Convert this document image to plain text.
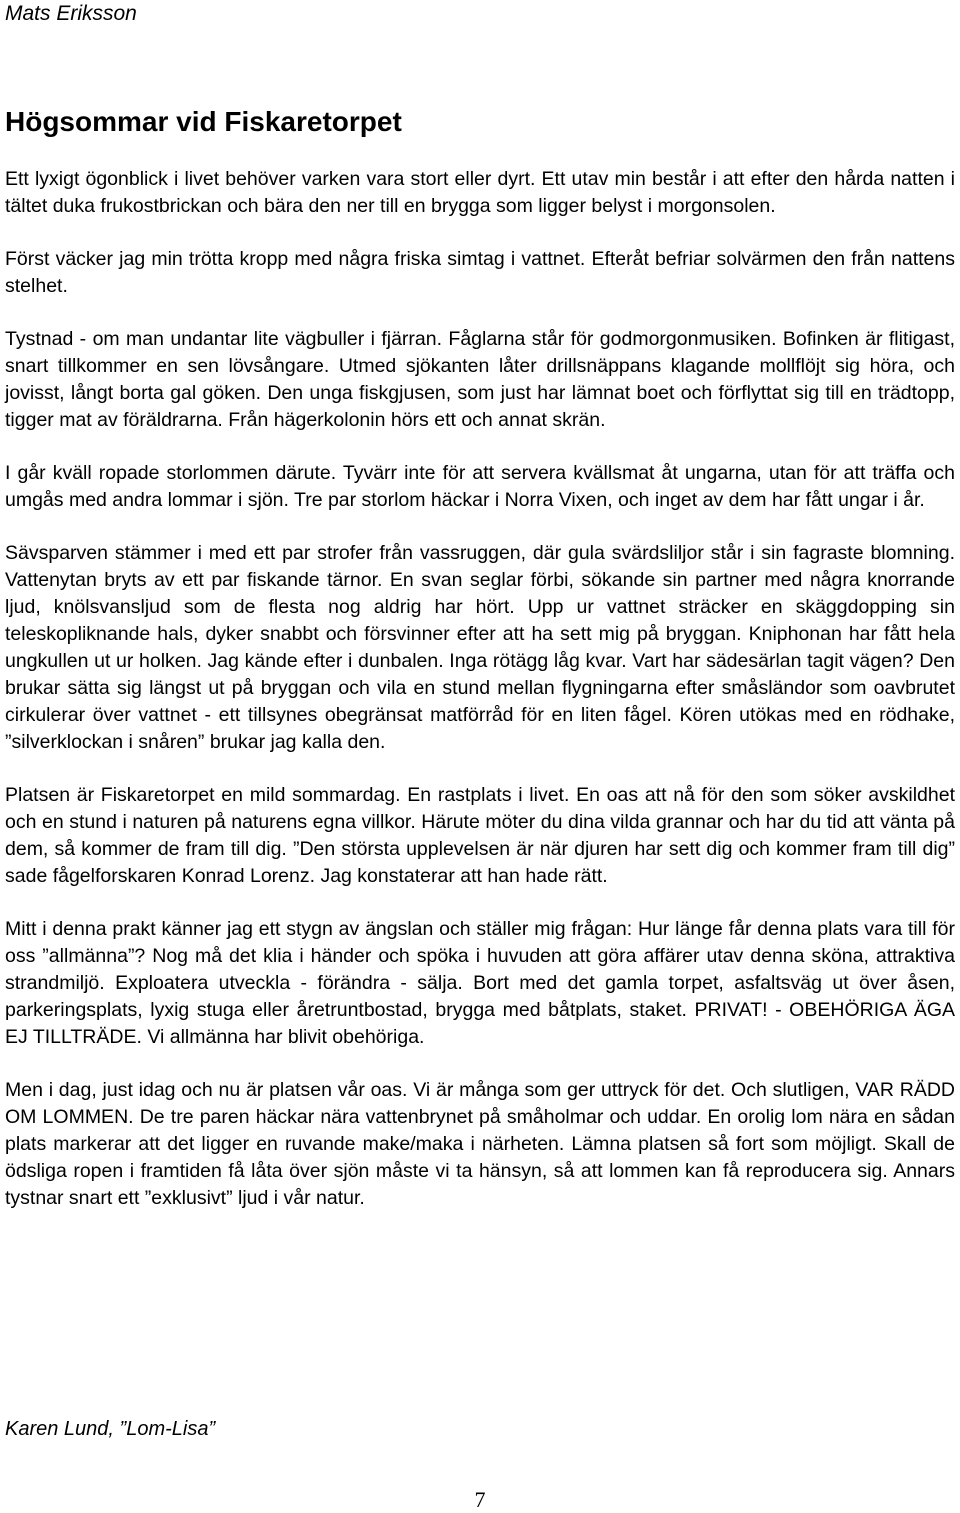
Mats Eriksson

Högsommar vid Fiskaretorpet

Ett lyxigt ögonblick i livet behöver varken vara stort eller dyrt. Ett utav min består i att efter den hårda natten i tältet duka frukostbrickan och bära den ner till en brygga som ligger belyst i morgonsolen.

Först väcker jag min trötta kropp med några friska simtag i vattnet. Efteråt befriar solvärmen den från nattens stelhet.

Tystnad - om man undantar lite vägbuller i fjärran. Fåglarna står för godmorgonmusiken. Bofinken är flitigast, snart tillkommer en sen lövsångare. Utmed sjökanten låter drillsnäppans klagande mollflöjt sig höra, och jovisst, långt borta gal göken. Den unga fiskgjusen, som just har lämnat boet och förflyttat sig till en trädtopp, tigger mat av föräldrarna. Från hägerkolonin hörs ett och annat skrän.

I går kväll ropade storlommen därute. Tyvärr inte för att servera kvällsmat åt ungarna, utan för att träffa och umgås med andra lommar i sjön. Tre par storlom häckar i Norra Vixen, och inget av dem har fått ungar i år.

Sävsparven stämmer i med ett par strofer från vassruggen, där gula svärdsliljor står i sin fagraste blomning. Vattenytan bryts av ett par fiskande tärnor. En svan seglar förbi, sökande sin partner med några knorrande ljud, knölsvansljud som de flesta nog aldrig har hört. Upp ur vattnet sträcker en skäggdopping sin teleskopliknande hals, dyker snabbt och försvinner efter att ha sett mig på bryggan. Kniphonan har fått hela ungkullen ut ur holken. Jag kände efter i dunbalen. Inga rötägg låg kvar. Vart har sädesärlan tagit vägen? Den brukar sätta sig längst ut på bryggan och vila en stund mellan flygningarna efter småsländor som oavbrutet cirkulerar över vattnet - ett tillsynes obegränsat matförråd för en liten fågel. Kören utökas med en rödhake, ”silverklockan i snåren” brukar jag kalla den.

Platsen är Fiskaretorpet en mild sommardag. En rastplats i livet. En oas att nå för den som söker avskildhet och en stund i naturen på naturens egna villkor. Härute möter du dina vilda grannar och har du tid att vänta på dem, så kommer de fram till dig. ”Den största upplevelsen är när djuren har sett dig och kommer fram till dig” sade fågelforskaren Konrad Lorenz. Jag konstaterar att han hade rätt.

Mitt i denna prakt känner jag ett stygn av ängslan och ställer mig frågan: Hur länge får denna plats vara till för oss ”allmänna”? Nog må det klia i händer och spöka i huvuden att göra affärer utav denna sköna, attraktiva strandmiljö. Exploatera utveckla - förändra - sälja. Bort med det gamla torpet, asfaltsväg ut över åsen, parkeringsplats, lyxig stuga eller åretruntbostad, brygga med båtplats, staket. PRIVAT! - OBEHÖRIGA ÄGA EJ TILLTRÄDE. Vi allmänna har blivit obehöriga.

Men i dag, just idag och nu är platsen vår oas. Vi är många som ger uttryck för det. Och slutligen, VAR RÄDD OM LOMMEN. De tre paren häckar nära vattenbrynet på småholmar och uddar. En orolig lom nära en sådan plats markerar att det ligger en ruvande make/maka i närheten. Lämna platsen så fort som möjligt. Skall de ödsliga ropen i framtiden få låta över sjön måste vi ta hänsyn, så att lommen kan få reproducera sig. Annars tystnar snart ett ”exklusivt” ljud i vår natur.

Karen Lund, ”Lom-Lisa”

7
